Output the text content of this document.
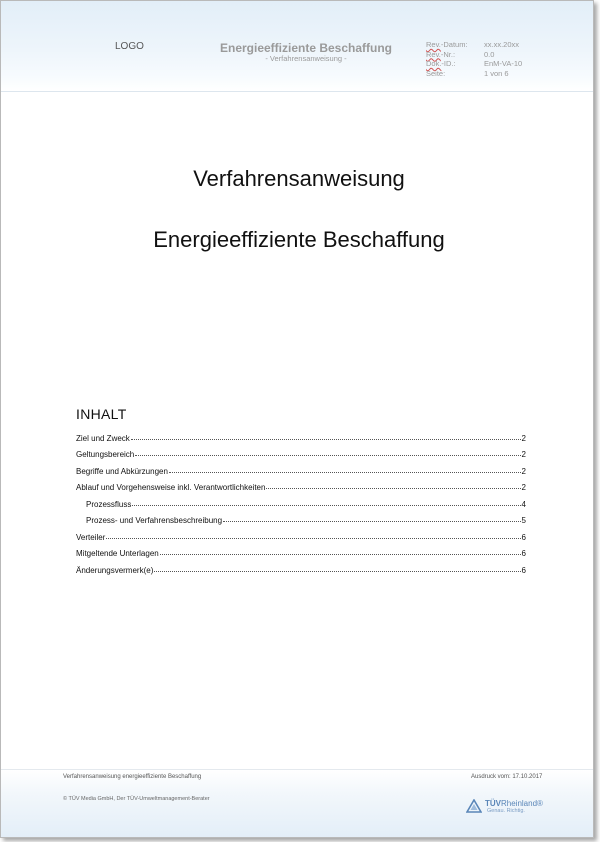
LOGO	Energieeffiziente Beschaffung
- Verfahrensanweisung -
Rev.-Datum:	xx.xx.20xx
Rev.-Nr.:	0.0
Dok.-ID.:	EnM-VA-10
Seite:	1 von 6
Verfahrensanweisung
Energieeffiziente Beschaffung
INHALT
Ziel und Zweck	2
Geltungsbereich	2
Begriffe und Abkürzungen	2
Ablauf und Vorgehensweise inkl. Verantwortlichkeiten	2
Prozessfluss	4
Prozess- und Verfahrensbeschreibung	5
Verteiler	6
Mitgeltende Unterlagen	6
Änderungsvermerk(e)	6
Verfahrensanweisung energieeffiziente Beschaffung	Ausdruck vom: 17.10.2017
© TÜV Media GmbH, Der TÜV-Umweltmanagement-Berater	TÜVRheinland®
Genau. Richtig.
